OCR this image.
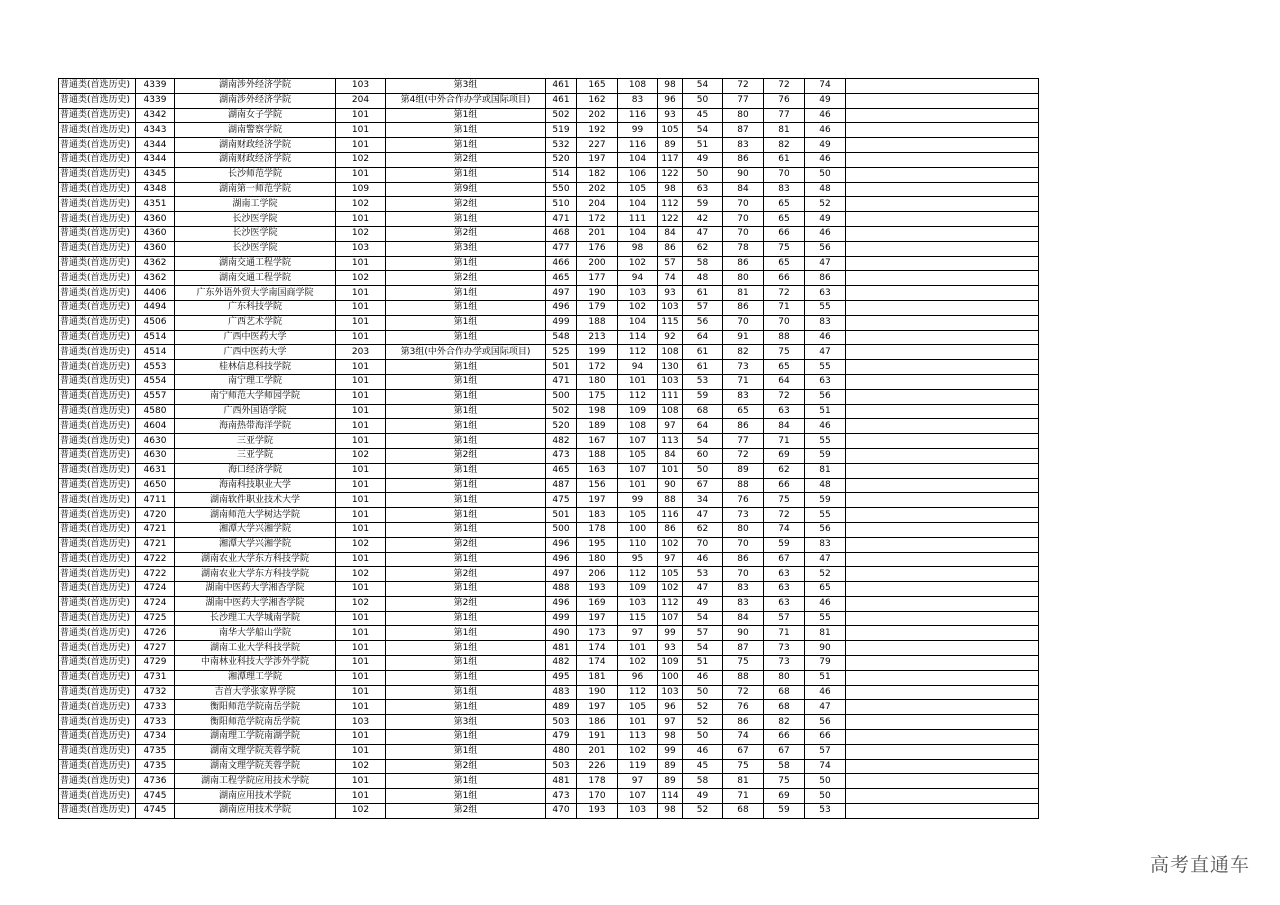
普通类(首选历史)	4339	湖南涉外经济学院	103	第3组	461	165	108	98	54	72	72	74	
普通类(首选历史)	4339	湖南涉外经济学院	204	第4组(中外合作办学或国际项目)	461	162	83	96	50	77	76	49	
普通类(首选历史)	4342	湖南女子学院	101	第1组	502	202	116	93	45	80	77	46	
普通类(首选历史)	4343	湖南警察学院	101	第1组	519	192	99	105	54	87	81	46	
普通类(首选历史)	4344	湖南财政经济学院	101	第1组	532	227	116	89	51	83	82	49	
普通类(首选历史)	4344	湖南财政经济学院	102	第2组	520	197	104	117	49	86	61	46	
普通类(首选历史)	4345	长沙师范学院	101	第1组	514	182	106	122	50	90	70	50	
普通类(首选历史)	4348	湖南第一师范学院	109	第9组	550	202	105	98	63	84	83	48	
普通类(首选历史)	4351	湖南工学院	102	第2组	510	204	104	112	59	70	65	52	
普通类(首选历史)	4360	长沙医学院	101	第1组	471	172	111	122	42	70	65	49	
普通类(首选历史)	4360	长沙医学院	102	第2组	468	201	104	84	47	70	66	46	
普通类(首选历史)	4360	长沙医学院	103	第3组	477	176	98	86	62	78	75	56	
普通类(首选历史)	4362	湖南交通工程学院	101	第1组	466	200	102	57	58	86	65	47	
普通类(首选历史)	4362	湖南交通工程学院	102	第2组	465	177	94	74	48	80	66	86	
普通类(首选历史)	4406	广东外语外贸大学南国商学院	101	第1组	497	190	103	93	61	81	72	63	
普通类(首选历史)	4494	广东科技学院	101	第1组	496	179	102	103	57	86	71	55	
普通类(首选历史)	4506	广西艺术学院	101	第1组	499	188	104	115	56	70	70	83	
普通类(首选历史)	4514	广西中医药大学	101	第1组	548	213	114	92	64	91	88	46	
普通类(首选历史)	4514	广西中医药大学	203	第3组(中外合作办学或国际项目)	525	199	112	108	61	82	75	47	
普通类(首选历史)	4553	桂林信息科技学院	101	第1组	501	172	94	130	61	73	65	55	
普通类(首选历史)	4554	南宁理工学院	101	第1组	471	180	101	103	53	71	64	63	
普通类(首选历史)	4557	南宁师范大学师园学院	101	第1组	500	175	112	111	59	83	72	56	
普通类(首选历史)	4580	广西外国语学院	101	第1组	502	198	109	108	68	65	63	51	
普通类(首选历史)	4604	海南热带海洋学院	101	第1组	520	189	108	97	64	86	84	46	
普通类(首选历史)	4630	三亚学院	101	第1组	482	167	107	113	54	77	71	55	
普通类(首选历史)	4630	三亚学院	102	第2组	473	188	105	84	60	72	69	59	
普通类(首选历史)	4631	海口经济学院	101	第1组	465	163	107	101	50	89	62	81	
普通类(首选历史)	4650	海南科技职业大学	101	第1组	487	156	101	90	67	88	66	48	
普通类(首选历史)	4711	湖南软件职业技术大学	101	第1组	475	197	99	88	34	76	75	59	
普通类(首选历史)	4720	湖南师范大学树达学院	101	第1组	501	183	105	116	47	73	72	55	
普通类(首选历史)	4721	湘潭大学兴湘学院	101	第1组	500	178	100	86	62	80	74	56	
普通类(首选历史)	4721	湘潭大学兴湘学院	102	第2组	496	195	110	102	70	70	59	83	
普通类(首选历史)	4722	湖南农业大学东方科技学院	101	第1组	496	180	95	97	46	86	67	47	
普通类(首选历史)	4722	湖南农业大学东方科技学院	102	第2组	497	206	112	105	53	70	63	52	
普通类(首选历史)	4724	湖南中医药大学湘杏学院	101	第1组	488	193	109	102	47	83	63	65	
普通类(首选历史)	4724	湖南中医药大学湘杏学院	102	第2组	496	169	103	112	49	83	63	46	
普通类(首选历史)	4725	长沙理工大学城南学院	101	第1组	499	197	115	107	54	84	57	55	
普通类(首选历史)	4726	南华大学船山学院	101	第1组	490	173	97	99	57	90	71	81	
普通类(首选历史)	4727	湖南工业大学科技学院	101	第1组	481	174	101	93	54	87	73	90	
普通类(首选历史)	4729	中南林业科技大学涉外学院	101	第1组	482	174	102	109	51	75	73	79	
普通类(首选历史)	4731	湘潭理工学院	101	第1组	495	181	96	100	46	88	80	51	
普通类(首选历史)	4732	吉首大学张家界学院	101	第1组	483	190	112	103	50	72	68	46	
普通类(首选历史)	4733	衡阳师范学院南岳学院	101	第1组	489	197	105	96	52	76	68	47	
普通类(首选历史)	4733	衡阳师范学院南岳学院	103	第3组	503	186	101	97	52	86	82	56	
普通类(首选历史)	4734	湖南理工学院南湖学院	101	第1组	479	191	113	98	50	74	66	66	
普通类(首选历史)	4735	湖南文理学院芙蓉学院	101	第1组	480	201	102	99	46	67	67	57	
普通类(首选历史)	4735	湖南文理学院芙蓉学院	102	第2组	503	226	119	89	45	75	58	74	
普通类(首选历史)	4736	湖南工程学院应用技术学院	101	第1组	481	178	97	89	58	81	75	50	
普通类(首选历史)	4745	湖南应用技术学院	101	第1组	473	170	107	114	49	71	69	50	
普通类(首选历史)	4745	湖南应用技术学院	102	第2组	470	193	103	98	52	68	59	53	
高考直通车
